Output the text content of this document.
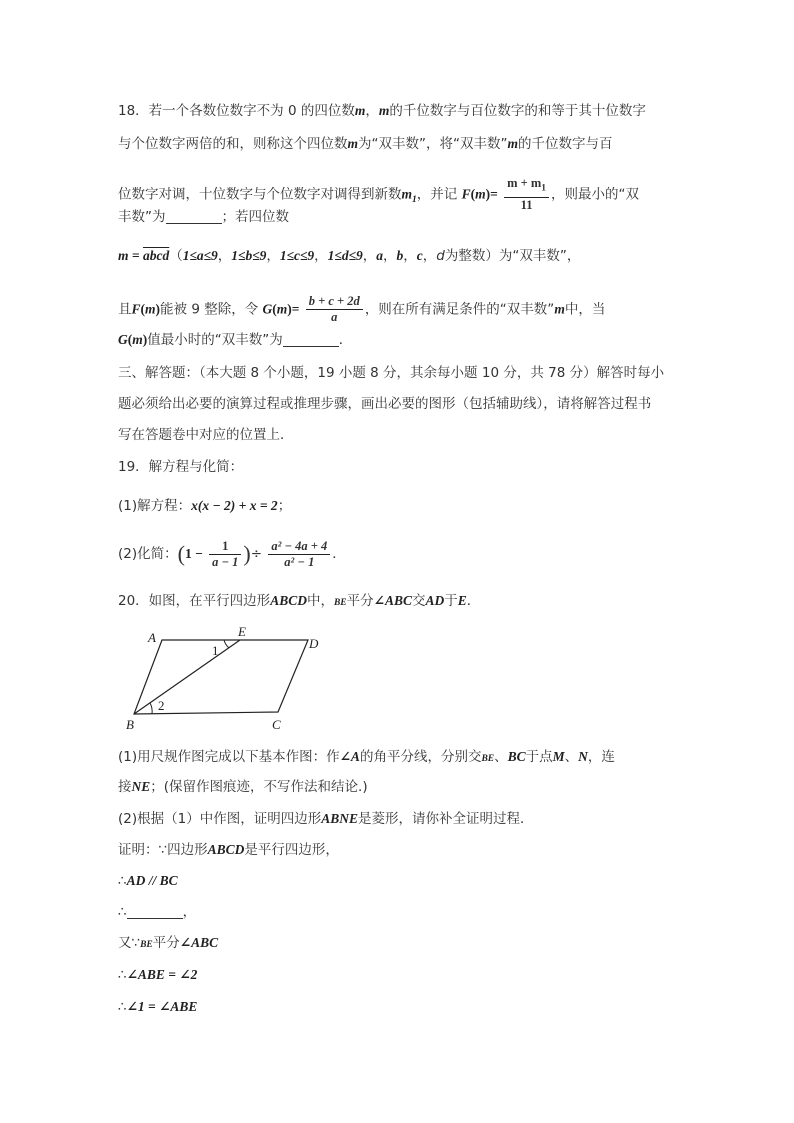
18．若一个各数位数字不为 0 的四位数m，m的千位数字与百位数字的和等于其十位数字
与个位数字两倍的和，则称这个四位数m为“双丰数”，将“双丰数”m的千位数字与百
位数字对调，十位数字与个位数字对调得到新数$m_1$，并记 $F(m)= \frac{m + m_1}{11}$ ，则最小的“双
丰数”为	；若四位数
m = abcd（1≤a≤9，1≤b≤9，1≤c≤9，1≤d≤9，a，b，c，d为整数）为“双丰数”，
且F(m)能被 9 整除，令 $G(m)= \frac{b + c + 2d}{a}$ ，则在所有满足条件的“双丰数”m中，当
G(m)值最小时的“双丰数”为	．
三、解答题：（本大题 8 个小题，19 小题 8 分，其余每小题 10 分，共 78 分）解答时每小
题必须给出必要的演算过程或推理步骤，画出必要的图形（包括辅助线），请将解答过程书
写在答题卷中对应的位置上．
19．解方程与化简：
(1)解方程：x(x − 2) + x = 2；
(2)化简：($1 - \frac{1}{a - 1}$ )÷ $\frac{\text{a² − 4a + 4}}{\text{a² − 1}}$ ．
20．如图，在平行四边形ABCD中，BE平分∠ABC交AD于E．
A	E
D
B	C
1
2
(1)用尺规作图完成以下基本作图：作∠A的角平分线，分别交BE、BC于点M、N，连
接NE；(保留作图痕迹，不写作法和结论.)
(2)根据（1）中作图，证明四边形ABNE是菱形，请你补全证明过程．
证明：∵四边形ABCD是平行四边形，
∴AD // BC
∴	，
又∵BE平分∠ABC
∴∠ABE = ∠2
∴∠1 = ∠ABE
